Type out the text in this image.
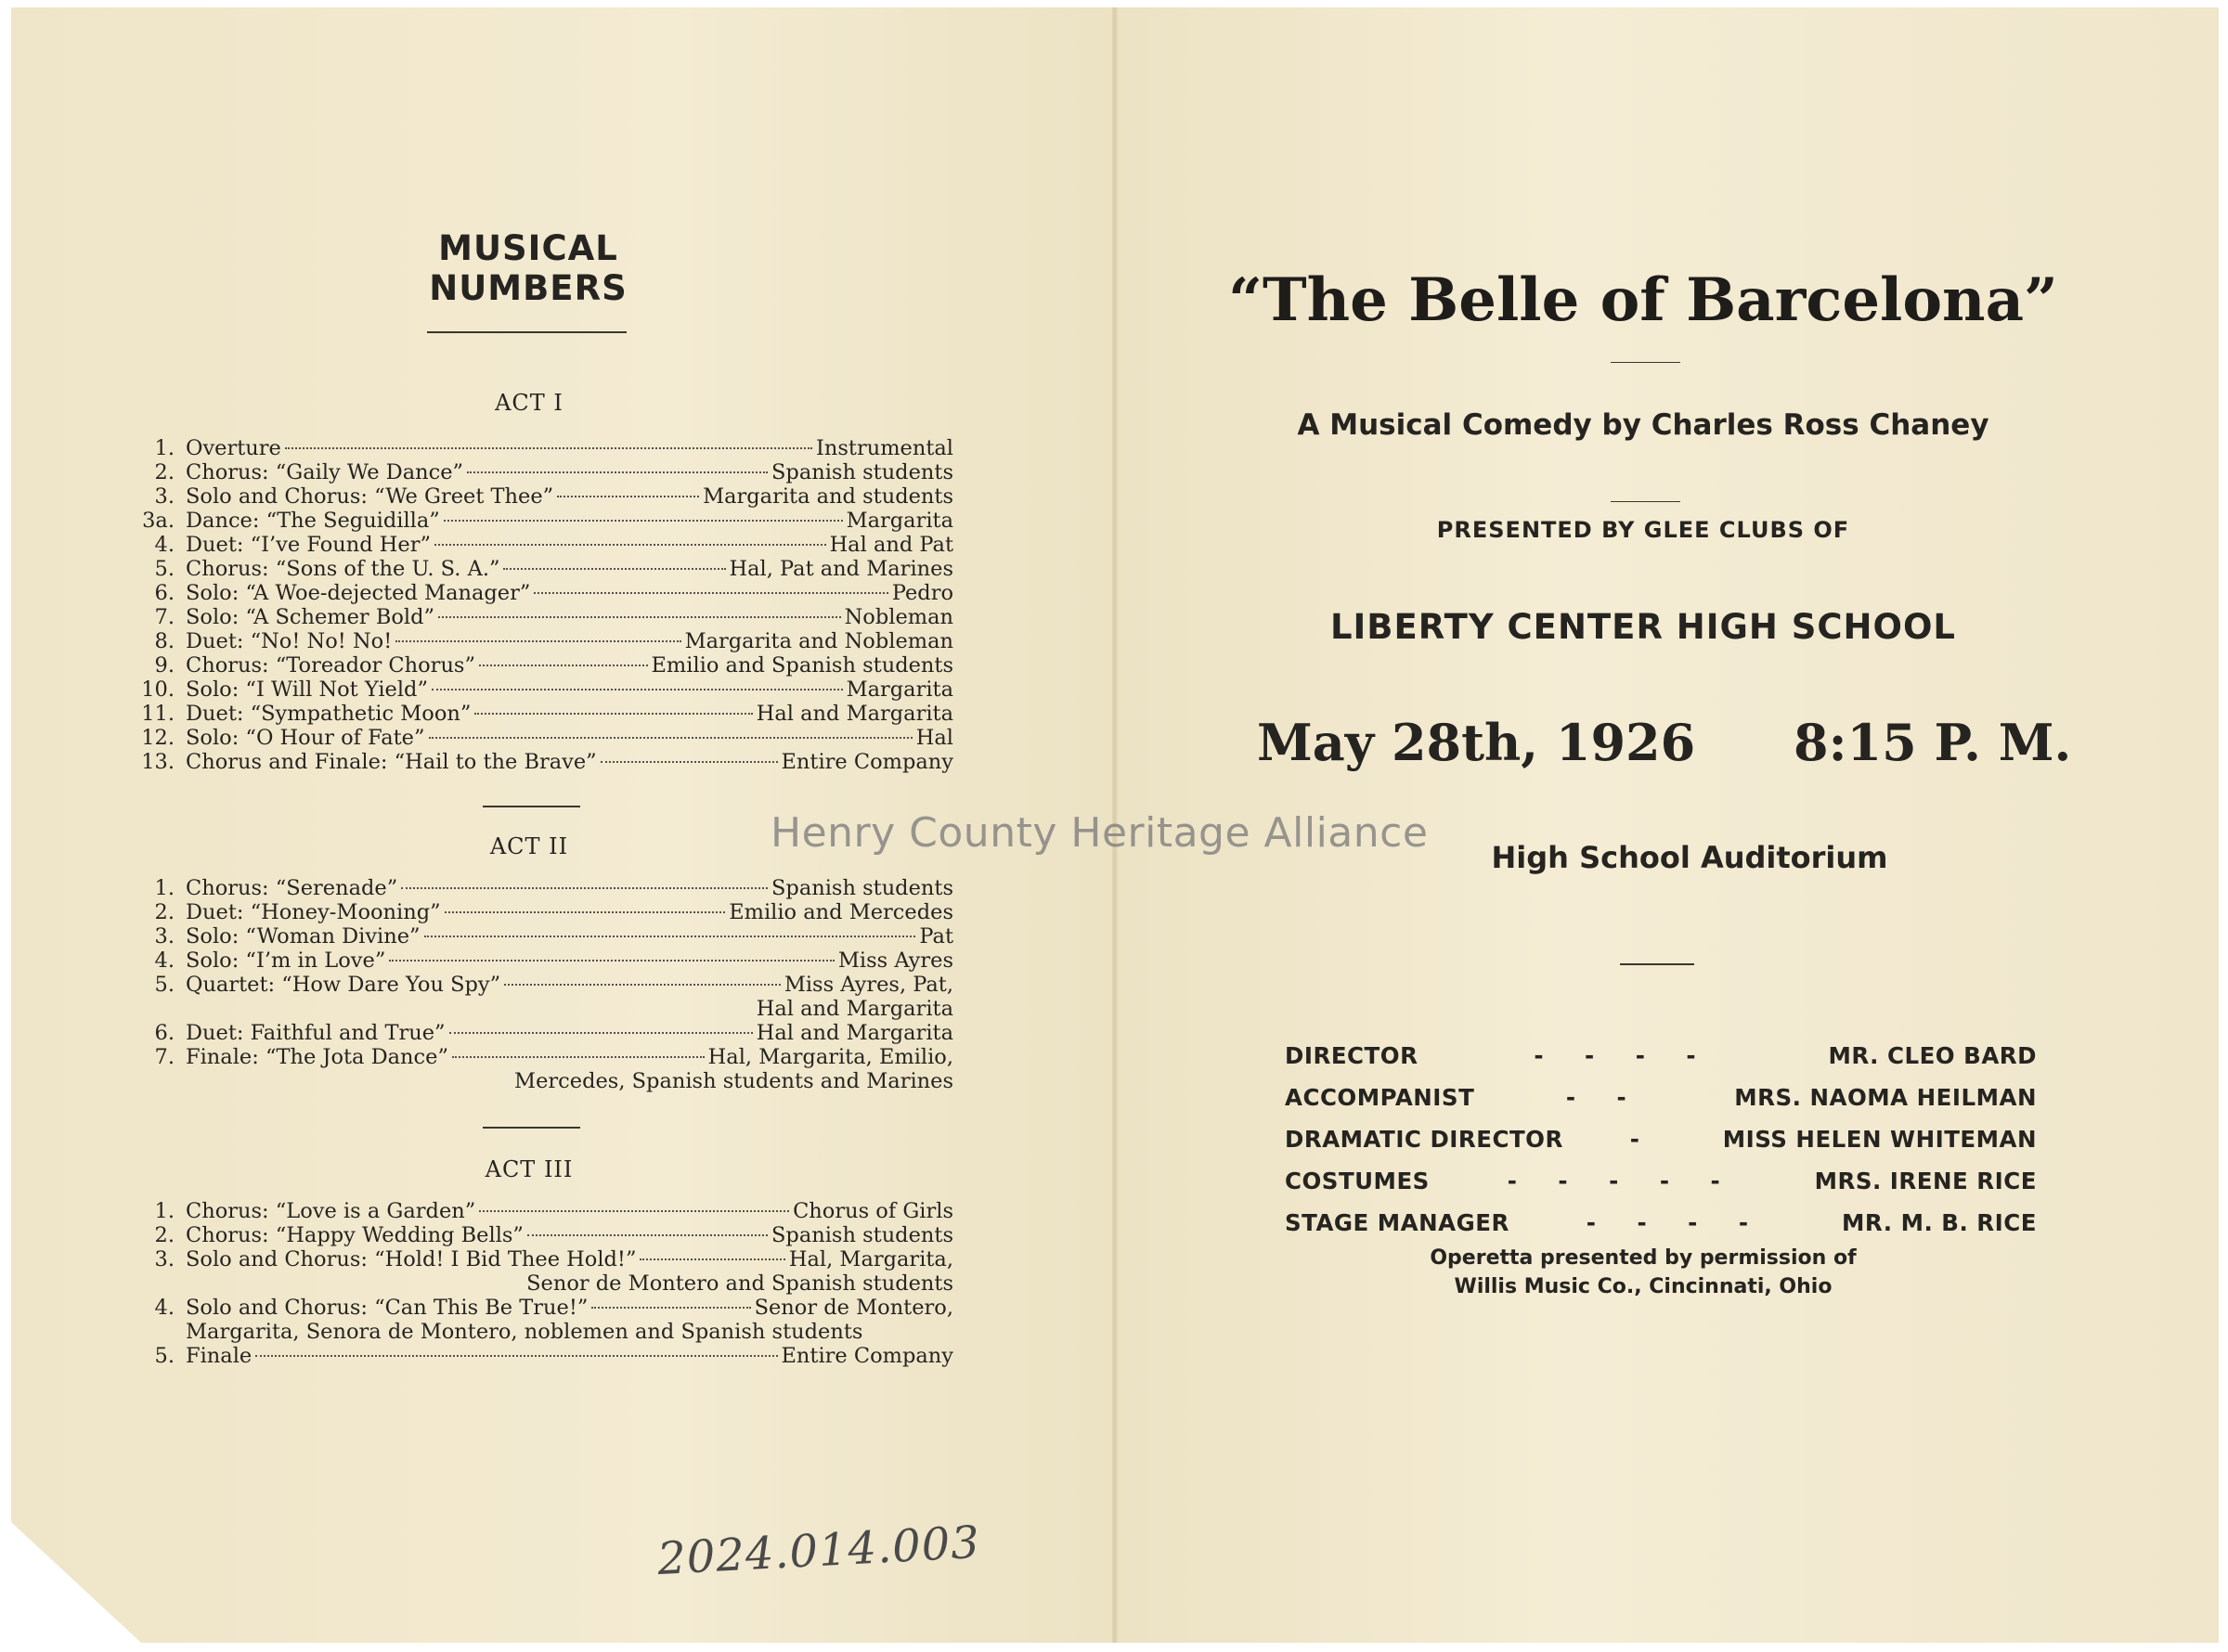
MUSICAL NUMBERS
ACT I
1. Overture	Instrumental
2. Chorus: “Gaily We Dance”	Spanish students
3. Solo and Chorus: “We Greet Thee”	Margarita and students
3a. Dance: “The Seguidilla”	Margarita
4. Duet: “I’ve Found Her”	Hal and Pat
5. Chorus: “Sons of the U. S. A.”	Hal, Pat and Marines
6. Solo: “A Woe-dejected Manager”	Pedro
7. Solo: “A Schemer Bold”	Nobleman
8. Duet: “No! No! No!	Margarita and Nobleman
9. Chorus: “Toreador Chorus”	Emilio and Spanish students
10. Solo: “I Will Not Yield”	Margarita
11. Duet: “Sympathetic Moon”	Hal and Margarita
12. Solo: “O Hour of Fate”	Hal
13. Chorus and Finale: “Hail to the Brave”	Entire Company
ACT II
1. Chorus: “Serenade”	Spanish students
2. Duet: “Honey-Mooning”	Emilio and Mercedes
3. Solo: “Woman Divine”	Pat
4. Solo: “I’m in Love”	Miss Ayres
5. Quartet: “How Dare You Spy”	Miss Ayres, Pat,
Hal and Margarita
6. Duet: Faithful and True”	Hal and Margarita
7. Finale: “The Jota Dance”	Hal, Margarita, Emilio,
Mercedes, Spanish students and Marines
ACT III
1. Chorus: “Love is a Garden”	Chorus of Girls
2. Chorus: “Happy Wedding Bells”	Spanish students
3. Solo and Chorus: “Hold! I Bid Thee Hold!”	Hal, Margarita,
Senor de Montero and Spanish students
4. Solo and Chorus: “Can This Be True!”	Senor de Montero,
Margarita, Senora de Montero, noblemen and Spanish students
5. Finale	Entire Company
2024.014.003
“The Belle of Barcelona”
A Musical Comedy by Charles Ross Chaney
PRESENTED BY GLEE CLUBS OF
LIBERTY CENTER HIGH SCHOOL
May 28th, 1926 8:15 P. M.
High School Auditorium
DIRECTOR	- - - -	MR. CLEO BARD
ACCOMPANIST	- -	MRS. NAOMA HEILMAN
DRAMATIC DIRECTOR	-	MISS HELEN WHITEMAN
COSTUMES	- - - - -	MRS. IRENE RICE
STAGE MANAGER	- - - -	MR. M. B. RICE
Operetta presented by permission of
Willis Music Co., Cincinnati, Ohio
Henry County Heritage Alliance
